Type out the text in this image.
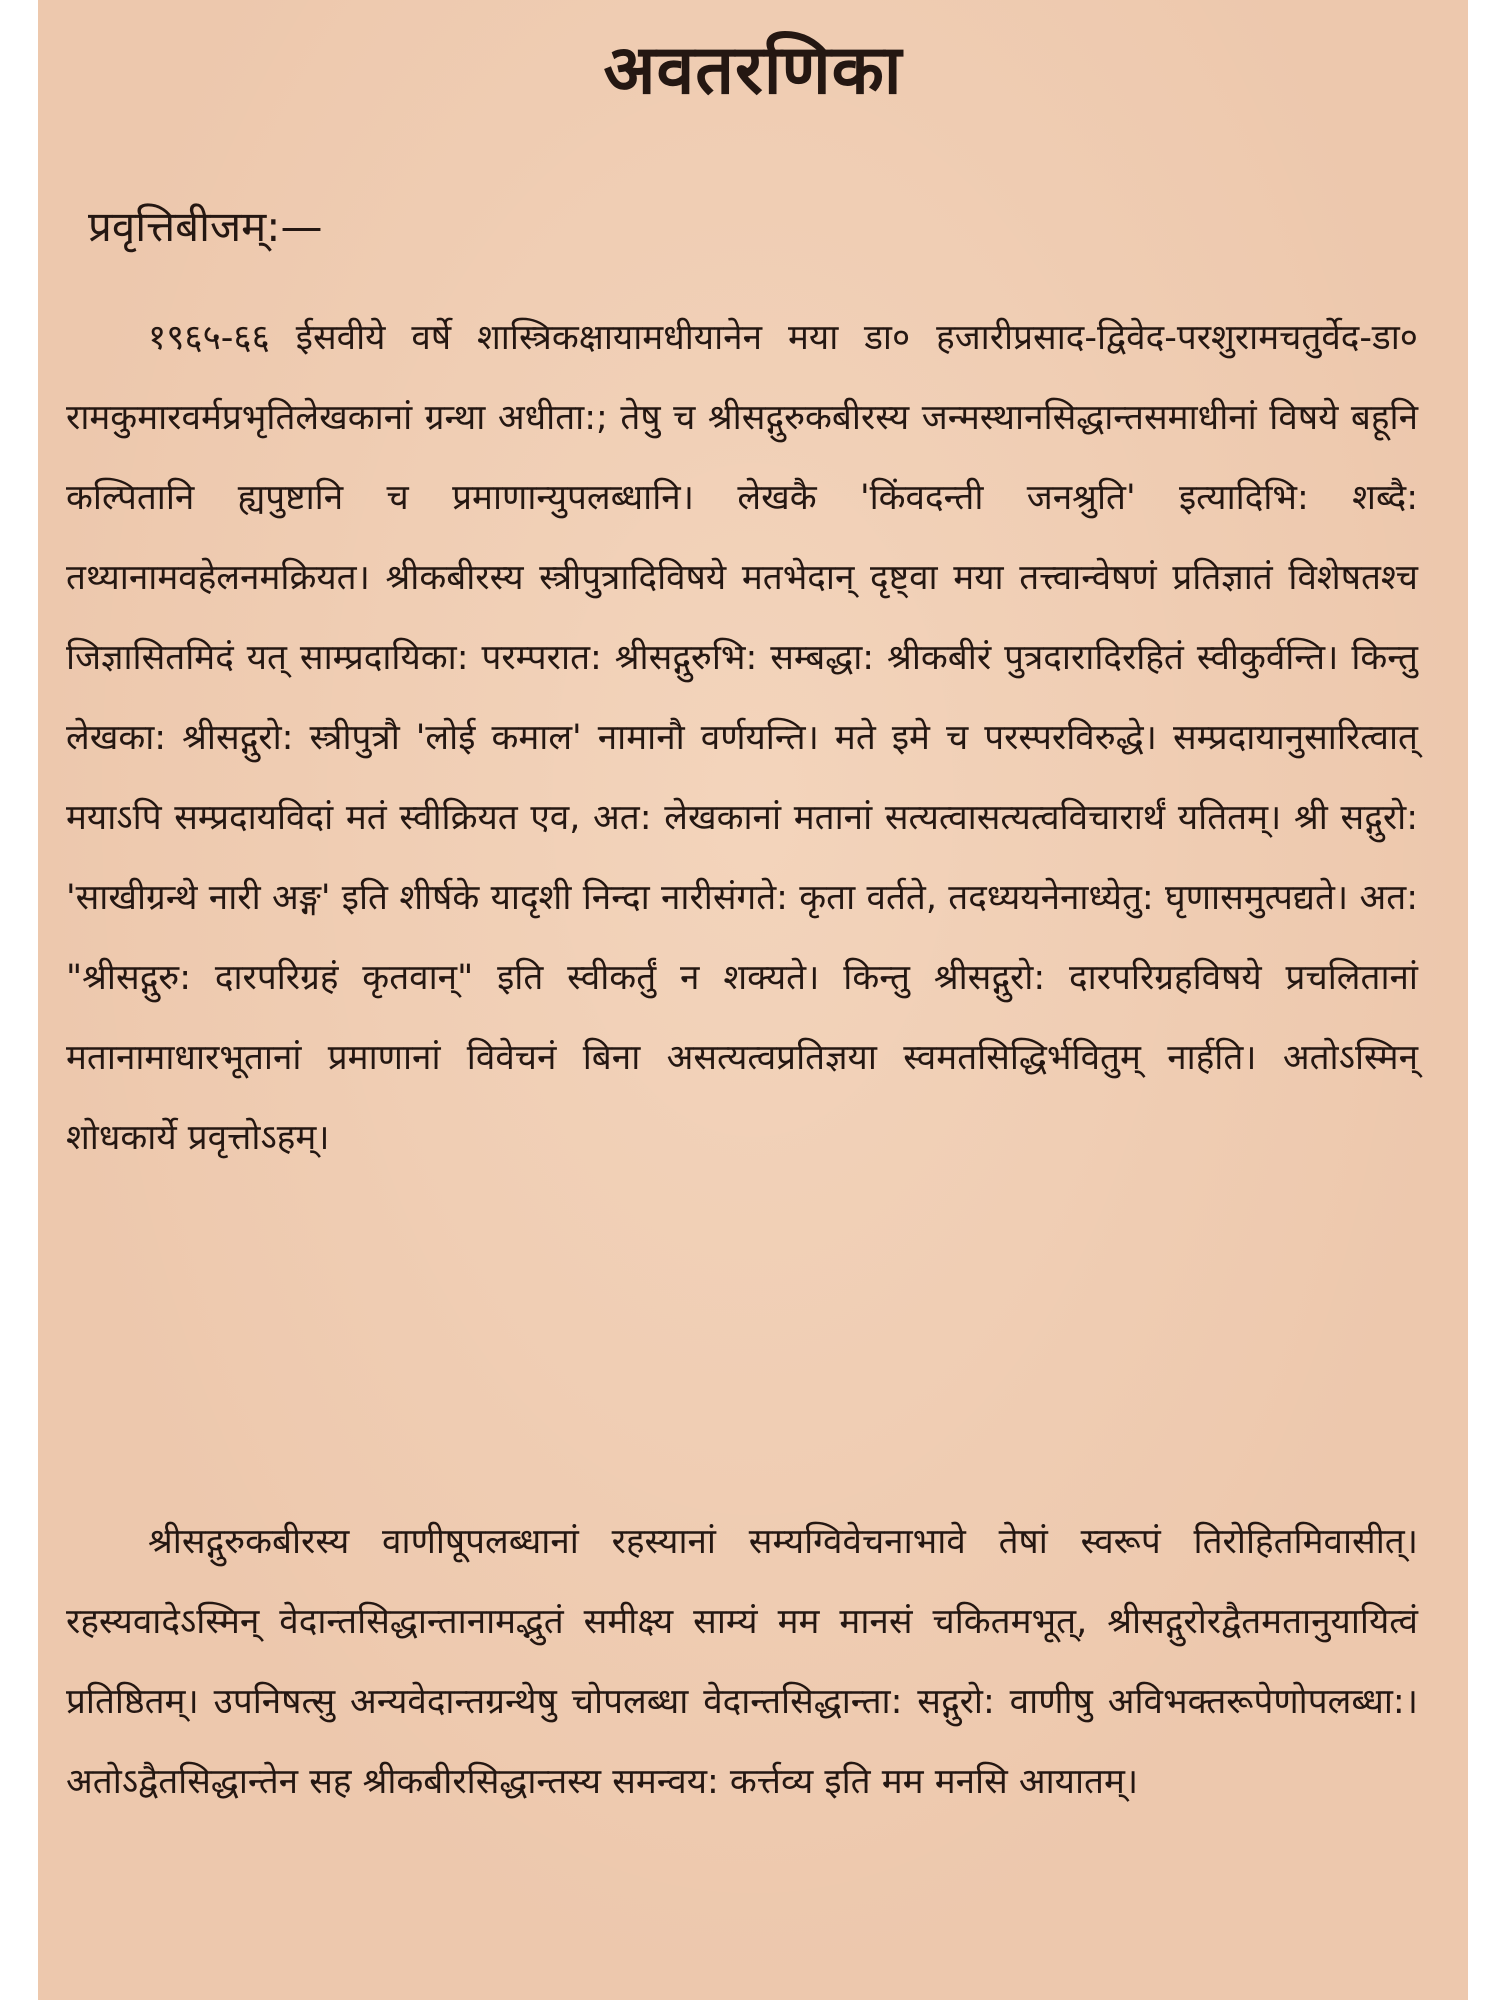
अवतरणिका
प्रवृत्तिबीजम्:—

१९६५-६६ ईसवीये वर्षे शास्त्रिकक्षायामधीयानेन मया डा० हजारीप्रसाद-द्विवेद-परशुरामचतुर्वेद-डा० रामकुमारवर्मप्रभृतिलेखकानां ग्रन्था अधीता:; तेषु च श्रीसद्गुरुकबीरस्य जन्मस्थानसिद्धान्तसमाधीनां विषये बहूनि कल्पितानि ह्यपुष्टानि च प्रमाणान्युपलब्धानि। लेखकै 'किंवदन्ती जनश्रुति' इत्यादिभि: शब्दै: तथ्यानामवहेलनमक्रियत। श्रीकबीरस्य स्त्रीपुत्रादिविषये मतभेदान् दृष्ट्वा मया तत्त्वान्वेषणं प्रतिज्ञातं विशेषतश्च जिज्ञासितमिदं यत् साम्प्रदायिका: परम्परात: श्रीसद्गुरुभि: सम्बद्धा: श्रीकबीरं पुत्रदारादिरहितं स्वीकुर्वन्ति। किन्तु लेखका: श्रीसद्गुरो: स्त्रीपुत्रौ 'लोई कमाल' नामानौ वर्णयन्ति। मते इमे च परस्परविरुद्धे। सम्प्रदायानुसारित्वात् मयाऽपि सम्प्रदायविदां मतं स्वीक्रियत एव, अत: लेखकानां मतानां सत्यत्वासत्यत्वविचारार्थं यतितम्। श्री सद्गुरो: 'साखीग्रन्थे नारी अङ्ग' इति शीर्षके यादृशी निन्दा नारीसंगते: कृता वर्तते, तदध्ययनेनाध्येतु: घृणासमुत्पद्यते। अत: "श्रीसद्गुरु: दारपरिग्रहं कृतवान्" इति स्वीकर्तुं न शक्यते। किन्तु श्रीसद्गुरो: दारपरिग्रहविषये प्रचलितानां मतानामाधारभूतानां प्रमाणानां विवेचनं बिना असत्यत्वप्रतिज्ञया स्वमतसिद्धिर्भवितुम् नार्हति। अतोऽस्मिन् शोधकार्ये प्रवृत्तोऽहम्।

श्रीसद्गुरुकबीरस्य वाणीषूपलब्धानां रहस्यानां सम्यग्विवेचनाभावे तेषां स्वरूपं तिरोहितमिवासीत्। रहस्यवादेऽस्मिन् वेदान्तसिद्धान्तानामद्भुतं समीक्ष्य साम्यं मम मानसं चकितमभूत्, श्रीसद्गुरोरद्वैतमतानुयायित्वं प्रतिष्ठितम्। उपनिषत्सु अन्यवेदान्तग्रन्थेषु चोपलब्धा वेदान्तसिद्धान्ता: सद्गुरो: वाणीषु अविभक्तरूपेणोपलब्धा:। अतोऽद्वैतसिद्धान्तेन सह श्रीकबीरसिद्धान्तस्य समन्वय: कर्त्तव्य इति मम मनसि आयातम्।
